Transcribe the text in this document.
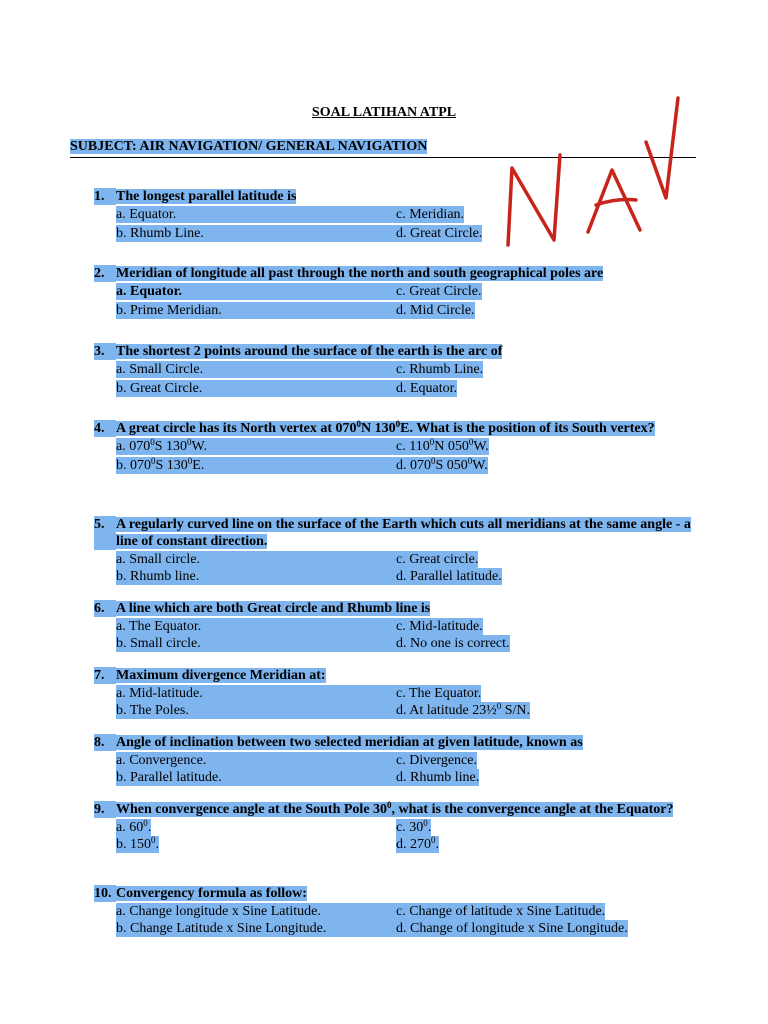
SOAL LATIHAN ATPL
SUBJECT: AIR NAVIGATION/ GENERAL NAVIGATION
1. The longest parallel latitude is
a. Equator.	c. Meridian.
b. Rhumb Line.	d. Great Circle.
2. Meridian of longitude all past through the north and south geographical poles are
a. Equator.	c. Great Circle.
b. Prime Meridian.	d. Mid Circle.
3. The shortest 2 points around the surface of the earth is the arc of
a. Small Circle.	c. Rhumb Line.
b. Great Circle.	d. Equator.
4. A great circle has its North vertex at $070^0N$ $130^0E$. What is the position of its South vertex?
a. $070^0S$ $130^0W$.	c. $110^0N$ $050^0W$.
b. $070^0S$ $130^0E$.	d. $070^0S$ $050^0W$.
5. A regularly curved line on the surface of the Earth which cuts all meridians at the same angle - a line of constant direction.
a. Small circle.	c. Great circle.
b. Rhumb line.	d. Parallel latitude.
6. A line which are both Great circle and Rhumb line is
a. The Equator.	c. Mid-latitude.
b. Small circle.	d. No one is correct.
7. Maximum divergence Meridian at:
a. Mid-latitude.	c. The Equator.
b. The Poles.	d. At latitude 23½$^0$ S/N.
8. Angle of inclination between two selected meridian at given latitude, known as
a. Convergence.	c. Divergence.
b. Parallel latitude.	d. Rhumb line.
9. When convergence angle at the South Pole $30^0$, what is the convergence angle at the Equator?
a. $60^0$.	c. $30^0$.
b. $150^0$.	d. $270^0$.
10. Convergency formula as follow:
a. Change longitude x Sine Latitude.	c. Change of latitude x Sine Latitude.
b. Change Latitude x Sine Longitude.	d. Change of longitude x Sine Longitude.
